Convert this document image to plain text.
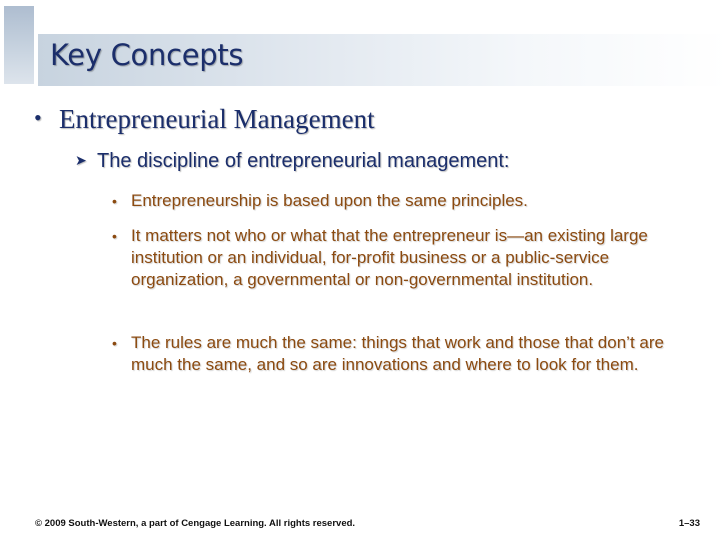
Key Concepts
• Entrepreneurial Management
➤ The discipline of entrepreneurial management:
• Entrepreneurship is based upon the same principles.
• It matters not who or what that the entrepreneur is—an existing large institution or an individual, for-profit business or a public-service organization, a governmental or non-governmental institution.
• The rules are much the same: things that work and those that don’t are much the same, and so are innovations and where to look for them.
© 2009 South-Western, a part of Cengage Learning. All rights reserved.	1–33
